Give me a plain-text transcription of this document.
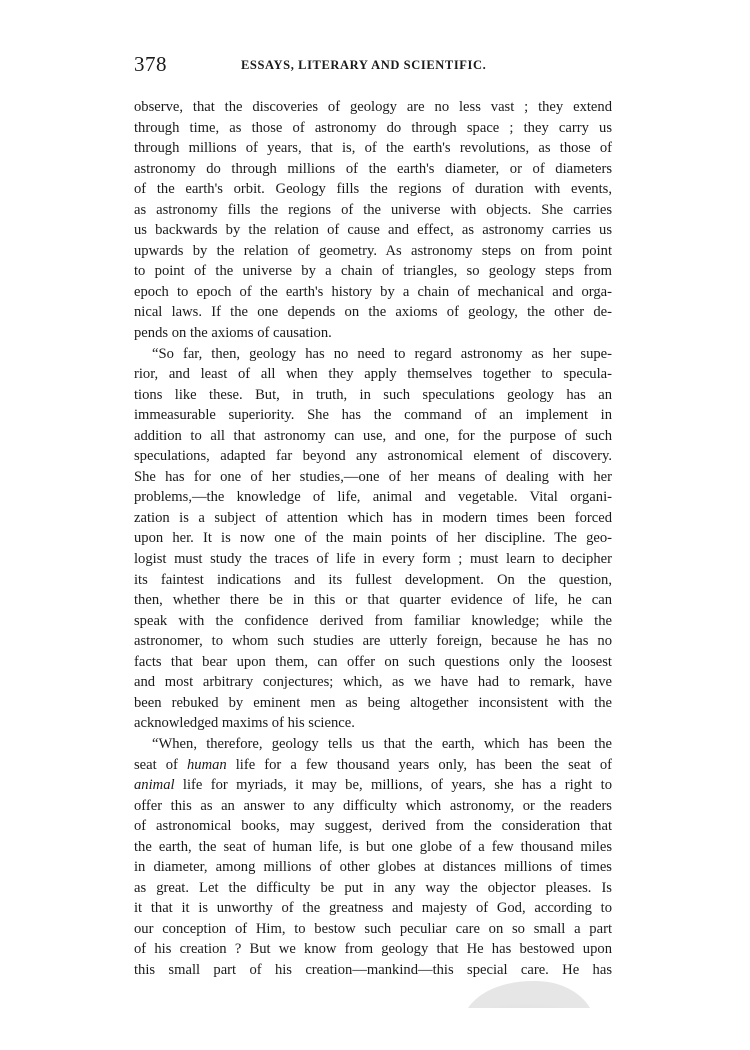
378	ESSAYS, LITERARY AND SCIENTIFIC.
observe, that the discoveries of geology are no less vast ; they extend
through time, as those of astronomy do through space ; they carry us
through millions of years, that is, of the earth's revolutions, as those of
astronomy do through millions of the earth's diameter, or of diameters
of the earth's orbit. Geology fills the regions of duration with events,
as astronomy fills the regions of the universe with objects. She carries
us backwards by the relation of cause and effect, as astronomy carries us
upwards by the relation of geometry. As astronomy steps on from point
to point of the universe by a chain of triangles, so geology steps from
epoch to epoch of the earth's history by a chain of mechanical and orga-
nical laws. If the one depends on the axioms of geology, the other de-
pends on the axioms of causation.
“So far, then, geology has no need to regard astronomy as her supe-
rior, and least of all when they apply themselves together to specula-
tions like these. But, in truth, in such speculations geology has an
immeasurable superiority. She has the command of an implement in
addition to all that astronomy can use, and one, for the purpose of such
speculations, adapted far beyond any astronomical element of discovery.
She has for one of her studies,—one of her means of dealing with her
problems,—the knowledge of life, animal and vegetable. Vital organi-
zation is a subject of attention which has in modern times been forced
upon her. It is now one of the main points of her discipline. The geo-
logist must study the traces of life in every form ; must learn to decipher
its faintest indications and its fullest development. On the question,
then, whether there be in this or that quarter evidence of life, he can
speak with the confidence derived from familiar knowledge; while the
astronomer, to whom such studies are utterly foreign, because he has no
facts that bear upon them, can offer on such questions only the loosest
and most arbitrary conjectures; which, as we have had to remark, have
been rebuked by eminent men as being altogether inconsistent with the
acknowledged maxims of his science.
“When, therefore, geology tells us that the earth, which has been the
seat of human life for a few thousand years only, has been the seat of
animal life for myriads, it may be, millions, of years, she has a right to
offer this as an answer to any difficulty which astronomy, or the readers
of astronomical books, may suggest, derived from the consideration that
the earth, the seat of human life, is but one globe of a few thousand miles
in diameter, among millions of other globes at distances millions of times
as great. Let the difficulty be put in any way the objector pleases. Is
it that it is unworthy of the greatness and majesty of God, according to
our conception of Him, to bestow such peculiar care on so small a part
of his creation ? But we know from geology that He has bestowed upon
this small part of his creation—mankind—this special care. He has
